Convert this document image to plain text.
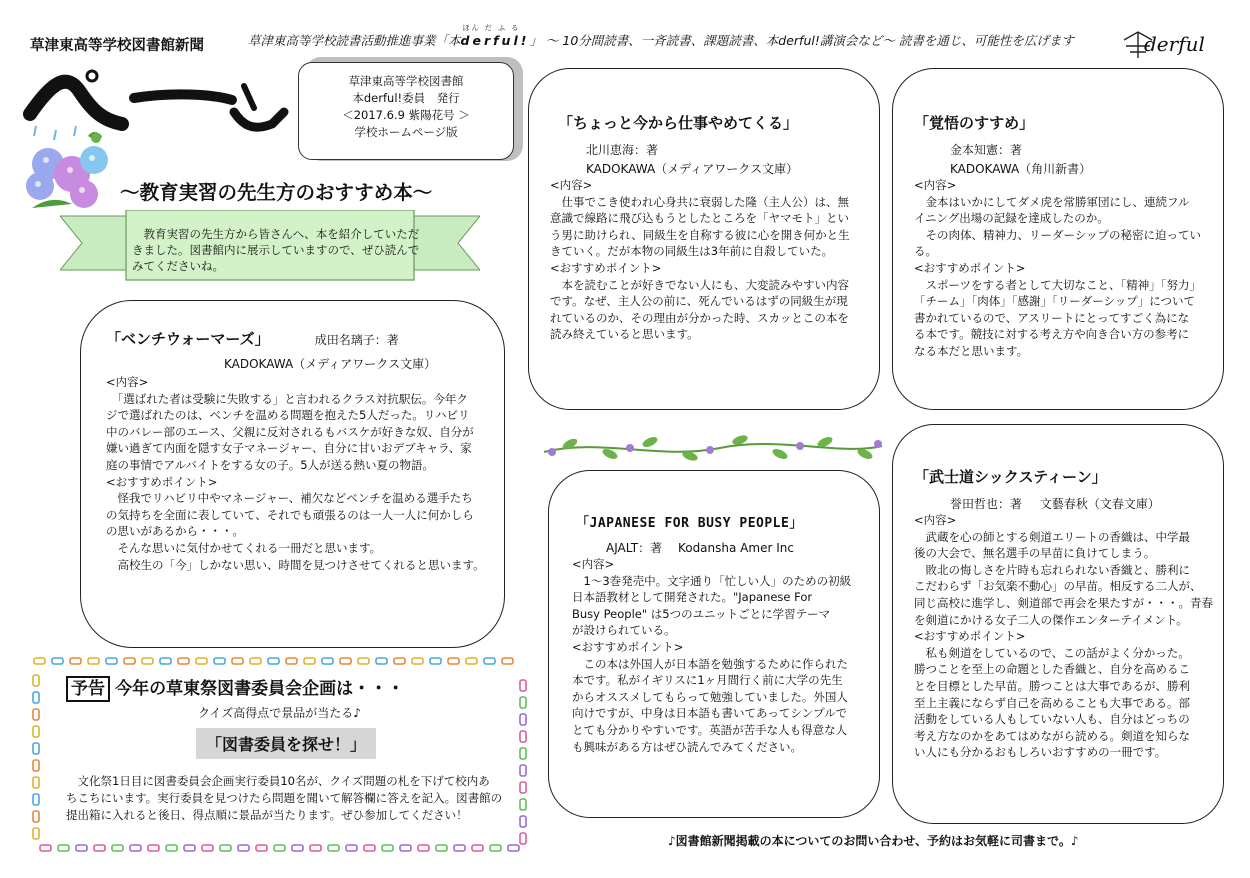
草津東高等学校図書館新聞	草津東高等学校読書活動推進事業「本
ほん だ ふ る
derful!」 ～ 10分間読書、一斉読書、課題読書、本derful!講演会など～ 読書を通じ、可能性を広げます	derful
草津東高等学校図書館
本derful!委員　発行
＜2017.6.9 紫陽花号 ＞
学校ホームページ版
～教育実習の先生方のおすすめ本～
　教育実習の先生方から皆さんへ、本を紹介していただ
きました。図書館内に展示していますので、ぜひ読んで
みてくださいね。
「ベンチウォーマーズ」	成田名璃子：著
KADOKAWA（メディアワークス文庫）
<内容>
　「選ばれた者は受験に失敗する」と言われるクラス対抗駅伝。今年ク
ジで選ばれたのは、ベンチを温める問題を抱えた5人だった。リハビリ
中のバレー部のエース、父親に反対されるもバスケが好きな奴、自分が
嫌い過ぎて内面を隠す女子マネージャー、自分に甘いおデブキャラ、家
庭の事情でアルバイトをする女の子。5人が送る熱い夏の物語。
<おすすめポイント>
　怪我でリハビリ中やマネージャー、補欠などベンチを温める選手たち
の気持ちを全面に表していて、それでも頑張るのは一人一人に何かしら
の思いがあるから・・・。
　そんな思いに気付かせてくれる一冊だと思います。
　高校生の「今」しかない思い、時間を見つけさせてくれると思います。
「ちょっと今から仕事やめてくる」
北川恵海：著
KADOKAWA（メディアワークス文庫）
<内容>
　仕事でこき使われ心身共に衰弱した隆（主人公）は、無
意識で線路に飛び込もうとしたところを「ヤマモト」とい
う男に助けられ、同級生を自称する彼に心を開き何かと生
きていく。だが本物の同級生は3年前に自殺していた。
<おすすめポイント>
　本を読むことが好きでない人にも、大変読みやすい内容
です。なぜ、主人公の前に、死んでいるはずの同級生が現
れているのか、その理由が分かった時、スカッとこの本を
読み終えていると思います。
「覚悟のすすめ」
金本知憲：著
KADOKAWA（角川新書）
<内容>
　金本はいかにしてダメ虎を常勝軍団にし、連続フル
イニング出場の記録を達成したのか。
　その肉体、精神力、リーダーシップの秘密に迫ってい
る。
<おすすめポイント>
　スポーツをする者として大切なこと、「精神」「努力」
「チーム」「肉体」「感謝」「リーダーシップ」について
書かれているので、アスリートにとってすごく為にな
る本です。競技に対する考え方や向き合い方の参考に
なる本だと思います。
「JAPANESE FOR BUSY PEOPLE」
AJALT：著 Kodansha Amer Inc
<内容>
　1～3巻発売中。文字通り「忙しい人」のための初級
日本語教材として開発された。"Japanese For
Busy People" は5つのユニットごとに学習テーマ
が設けられている。
<おすすめポイント>
　この本は外国人が日本語を勉強するために作られた
本です。私がイギリスに1ヶ月間行く前に大学の先生
からオススメしてもらって勉強していました。外国人
向けですが、中身は日本語も書いてあってシンプルで
とても分かりやすいです。英語が苦手な人も得意な人
も興味がある方はぜひ読んでみてください。
「武士道シックスティーン」
誉田哲也：著 文藝春秋（文春文庫）
<内容>
　武蔵を心の師とする剣道エリートの香織は、中学最
後の大会で、無名選手の早苗に負けてしまう。
　敗北の悔しさを片時も忘れられない香織と、勝利に
こだわらず「お気楽不動心」の早苗。相反する二人が、
同じ高校に進学し、剣道部で再会を果たすが・・・。青春
を剣道にかける女子二人の傑作エンターテイメント。
<おすすめポイント>
　私も剣道をしているので、この話がよく分かった。
勝つことを至上の命題とした香織と、自分を高めるこ
とを目標とした早苗。勝つことは大事であるが、勝利
至上主義にならず自己を高めることも大事である。部
活動をしている人もしていない人も、自分はどっちの
考え方なのかをあてはめながら読める。剣道を知らな
い人にも分かるおもしろいおすすめの一冊です。
予告 今年の草東祭図書委員会企画は・・・
クイズ高得点で景品が当たる♪
「図書委員を探せ！」
　文化祭1日目に図書委員会企画実行委員10名が、クイズ問題の札を下げて校内あ
ちこちにいます。実行委員を見つけたら問題を聞いて解答欄に答えを記入。図書館の
提出箱に入れると後日、得点順に景品が当たります。ぜひ参加してください！
♪図書館新聞掲載の本についてのお問い合わせ、予約はお気軽に司書まで。♪
